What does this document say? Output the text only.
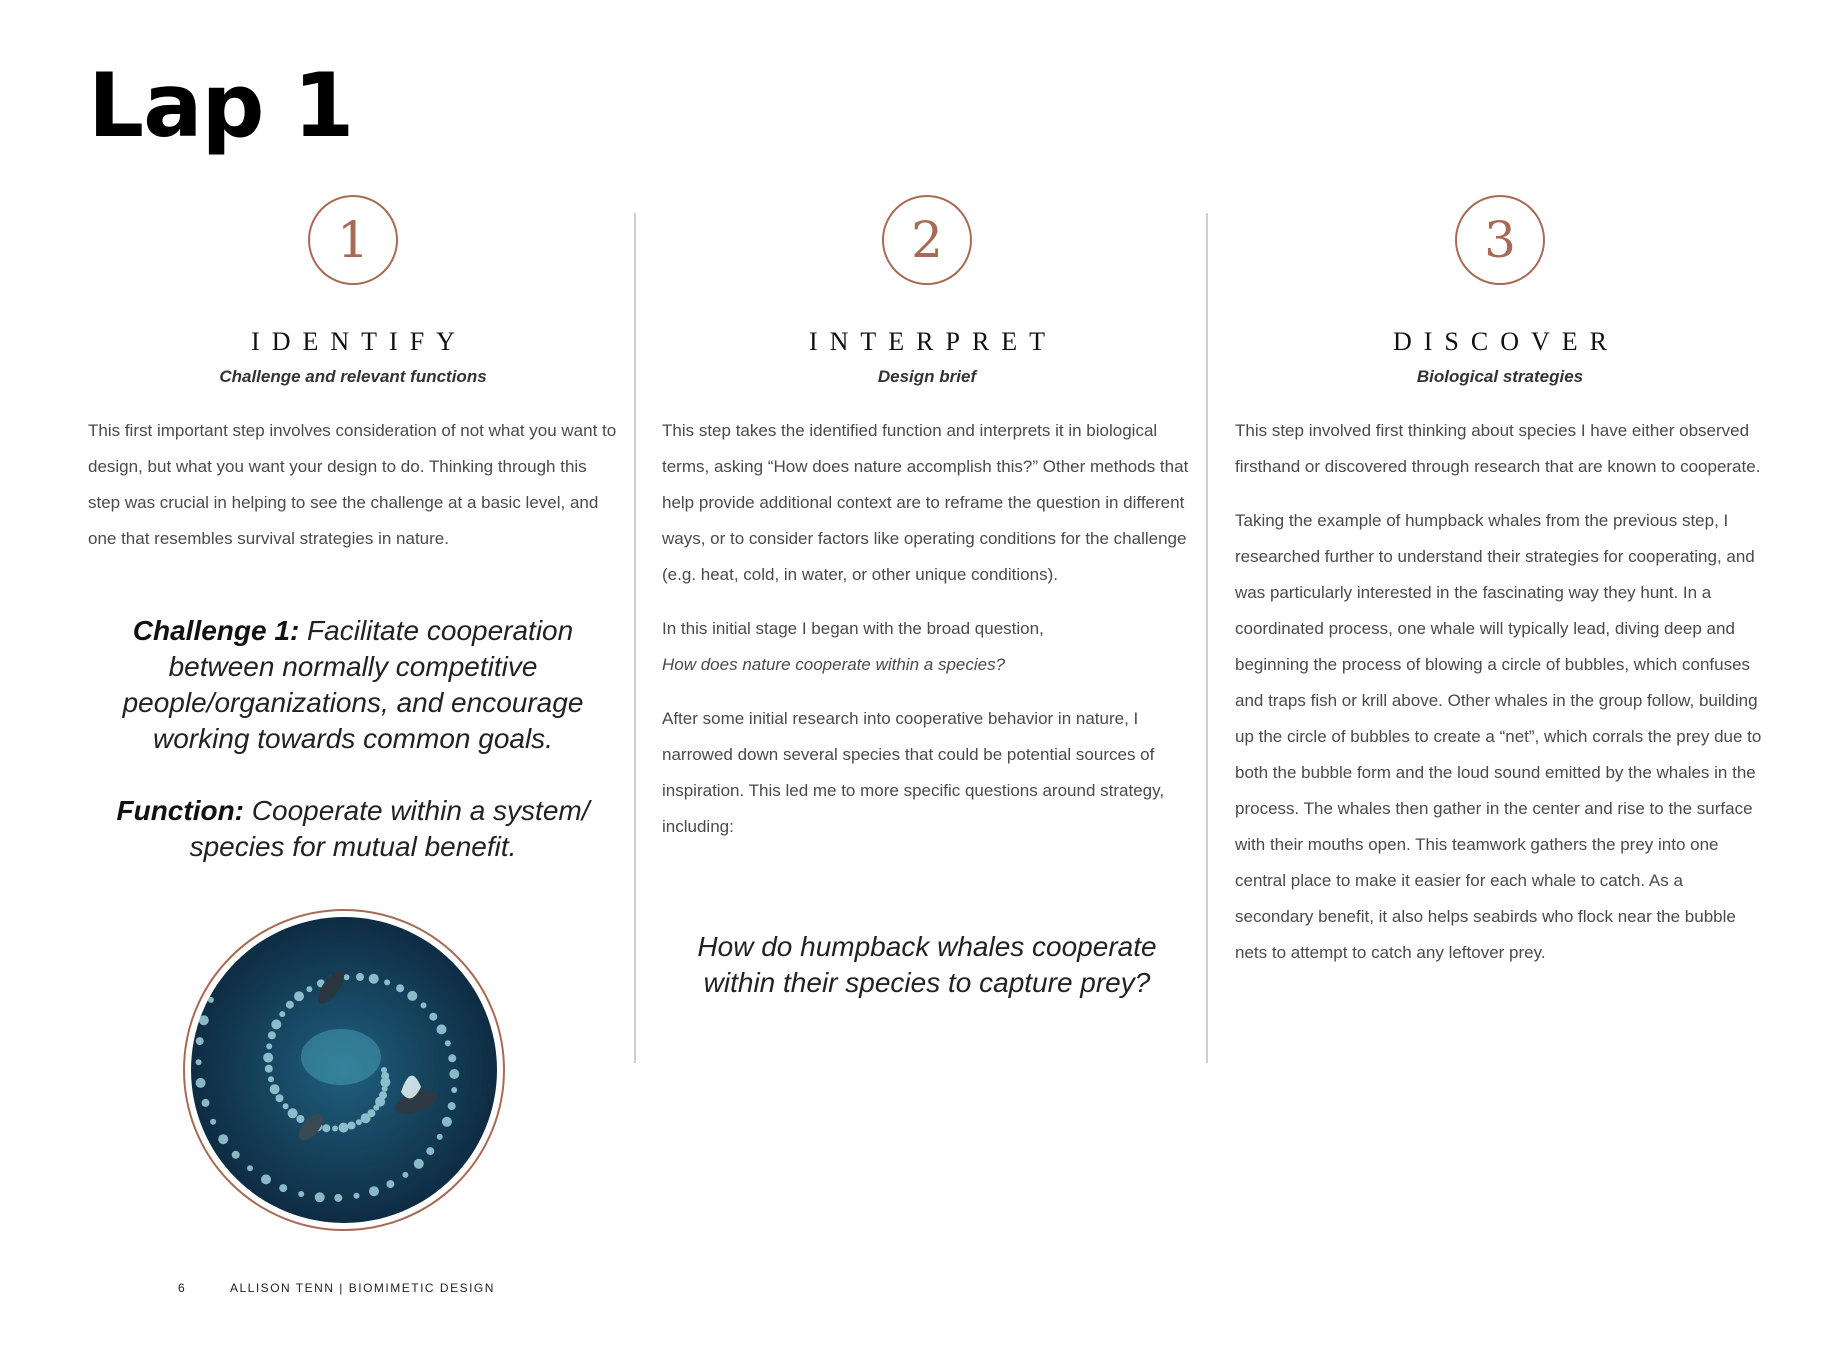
Lap 1
1
IDENTIFY

Challenge and relevant functions

This first important step involves consideration of not what you want to design, but what you want your design to do. Thinking through this step was crucial in helping to see the challenge at a basic level, and one that resembles survival strategies in nature.

Challenge 1: Facilitate cooperation between normally competitive people/organizations, and encourage working towards common goals.

Function: Cooperate within a system/ species for mutual benefit.

2
INTERPRET

Design brief

This step takes the identified function and interprets it in biological terms, asking “How does nature accomplish this?” Other methods that help provide additional context are to reframe the question in different ways, or to consider factors like operating conditions for the challenge (e.g. heat, cold, in water, or other unique conditions).

In this initial stage I began with the broad question,

How does nature cooperate within a species?

After some initial research into cooperative behavior in nature, I narrowed down several species that could be potential sources of inspiration. This led me to more specific questions around strategy, including:

How do humpback whales cooperate within their species to capture prey?

3
DISCOVER

Biological strategies

This step involved first thinking about species I have either observed firsthand or discovered through research that are known to cooperate.

Taking the example of humpback whales from the previous step, I researched further to understand their strategies for cooperating, and was particularly interested in the fascinating way they hunt. In a coordinated process, one whale will typically lead, diving deep and beginning the process of blowing a circle of bubbles, which confuses and traps fish or krill above. Other whales in the group follow, building up the circle of bubbles to create a “net”, which corrals the prey due to both the bubble form and the loud sound emitted by the whales in the process. The whales then gather in the center and rise to the surface with their mouths open. This teamwork gathers the prey into one central place to make it easier for each whale to catch. As a secondary benefit, it also helps seabirds who flock near the bubble nets to attempt to catch any leftover prey.

6	ALLISON TENN | BIOMIMETIC DESIGN
